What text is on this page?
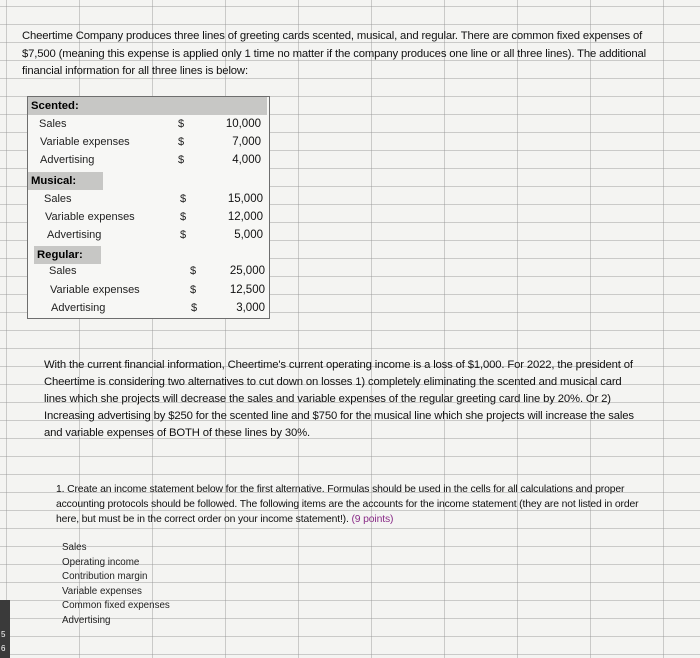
Cheertime Company produces three lines of greeting cards scented, musical, and regular. There are common fixed expenses of $7,500 (meaning this expense is applied only 1 time no matter if the company produces one line or all three lines). The additional financial information for all three lines is below:
Scented:
Sales	$	10,000
Variable expenses	$	7,000
Advertising	$	4,000
Musical:
Sales	$	15,000
Variable expenses	$	12,000
Advertising	$	5,000
Regular:
Sales	$	25,000
Variable expenses	$	12,500
Advertising	$	3,000
With the current financial information, Cheertime's current operating income is a loss of $1,000. For 2022, the president of Cheertime is considering two alternatives to cut down on losses 1) completely eliminating the scented and musical card lines which she projects will decrease the sales and variable expenses of the regular greeting card line by 20%. Or 2) Increasing advertising by $250 for the scented line and $750 for the musical line which she projects will increase the sales and variable expenses of BOTH of these lines by 30%.
1. Create an income statement below for the first alternative. Formulas should be used in the cells for all calculations and proper accounting protocols should be followed. The following items are the accounts for the income statement (they are not listed in order here, but must be in the correct order on your income statement!). (9 points)
Sales
Operating income
Contribution margin
Variable expenses
Common fixed expenses
Advertising
5
6
